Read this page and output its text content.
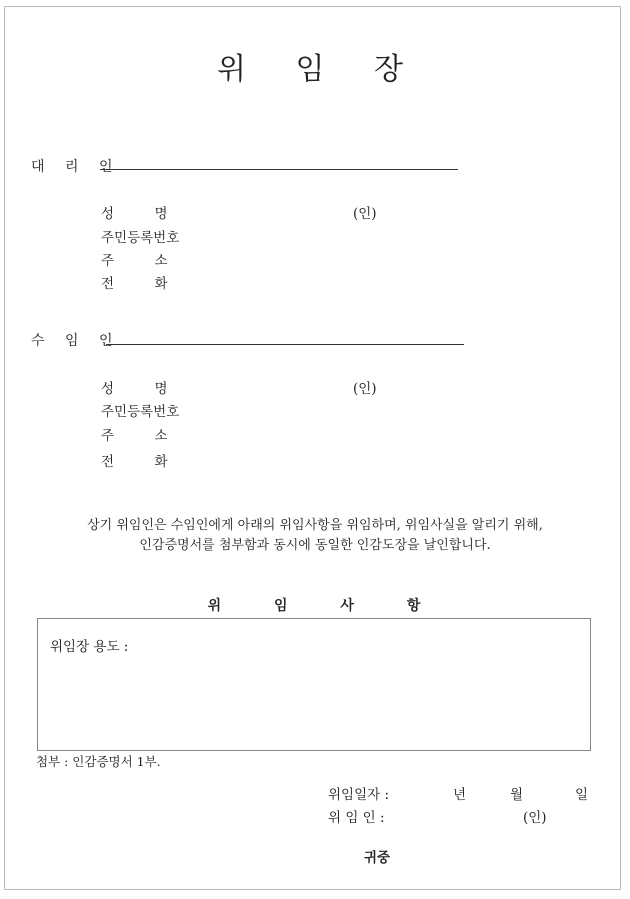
위 임 장
대 리 인
성　　　명	(인)
주민등록번호
주　　　소
전　　　화
수 임 인
성　　　명	(인)
주민등록번호
주　　　소
전　　　화
상기 위임인은 수임인에게 아래의 위임사항을 위임하며, 위임사실을 알리기 위해,
인감증명서를 첨부함과 동시에 동일한 인감도장을 날인합니다.
위 임 사 항
위임장 용도 :
첨부 : 인감증명서 1부.
위임일자 :	년	월	일
위 임 인 :	(인)
귀중
